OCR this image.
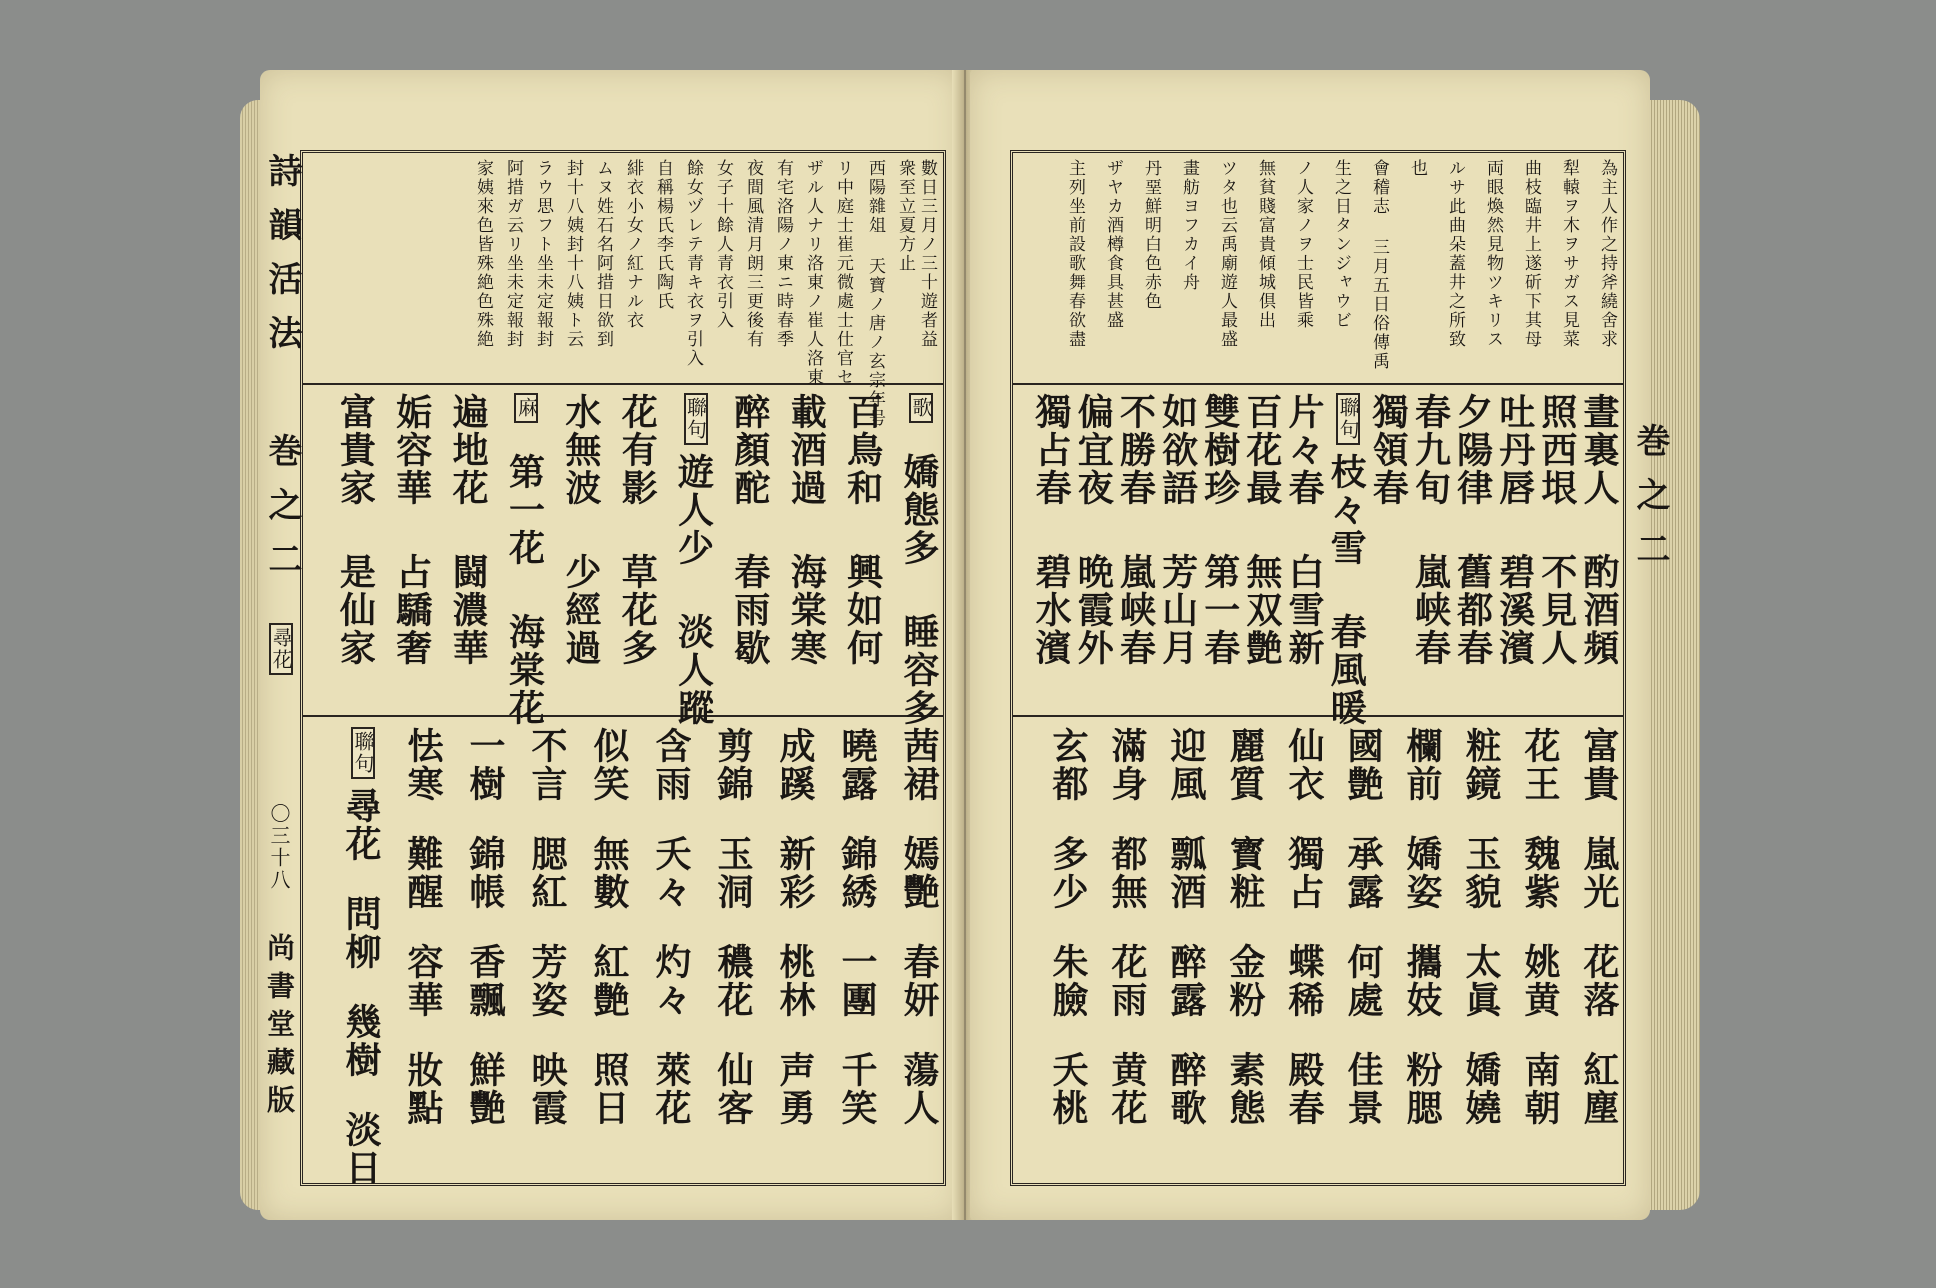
詩韻活法
巻之二
尋花
〇三十八
尚書堂藏版
數日三月ノ三十遊者益
衆至立夏方止
西陽雜俎 天寶ノ唐ノ玄宗年号
リ中庭士崔元微處士仕官セ
ザル人ナリ洛東ノ崔人洛東
有宅洛陽ノ東ニ時春季
夜間風清月朗三更後有
女子十餘人青衣引入
餘女ヅレテ青キ衣ヲ引入
自稱楊氏李氏陶氏
緋衣小女ノ紅ナル衣
ムヌ姓石名阿措日欲到
封十八姨封十八姨ト云
ラウ思フト坐未定報封
阿措ガ云リ坐未定報封
家姨來色皆殊絶色殊絶
歌
嬌態多
睡容多
百鳥和
興如何
載酒過
海棠寒
醉顏酡
春雨歇
聯句
遊人少
淡人蹤
花有影
草花多
水無波
少經過
麻
第一花
海棠花
遍地花
闘濃華
姤容華
占驕奢
富貴家
是仙家
茜裙
嫣艷
春妍
蕩人
曉露
錦綉
一團
千笑
成蹊
新彩
桃林
声勇
剪錦
玉洞
穠花
仙客
含雨
夭々
灼々
萊花
似笑
無數
紅艶
照日
不言
腮紅
芳姿
映霞
一樹
錦帳
香飄
鮮艷
怯寒
難醒
容華
妝點
聯句
尋花
問柳
幾樹
淡日
巻之二
為主人作之持斧繞舍求
犁轅ヲ木ヲサガス見菜
曲枝臨井上遂斫下其母
両眼煥然見物ツキリス
ルサ此曲朵蓋井之所致
也
會稽志 三月五日俗傳禹
生之日タンジャウビ
ノ人家ノヲ士民皆乘
無貧賤富貴傾城倶出
ツタ也云禹廟遊人最盛
畫舫ヨフカイ舟
丹堊鮮明白色赤色
ザヤカ酒樽食具甚盛
主列坐前設歌舞春欲盡
晝裏人
酌酒頻
照西垠
不見人
吐丹唇
碧溪濱
夕陽律
舊都春
春九旬
嵐峡春
獨領春
聯句
枝々雪
春風暖
片々春
白雪新
百花最
無双艶
雙樹珍
第一春
如欲語
芳山月
不勝春
嵐峡春
偏宜夜
晩霞外
獨占春
碧水濱
富貴
嵐光
花落
紅塵
花王
魏紫
姚黄
南朝
粧鏡
玉貌
太眞
嬌嬈
欄前
嬌姿
攜妓
粉腮
國艶
承露
何處
佳景
仙衣
獨占
蝶稀
殿春
麗質
寳粧
金粉
素態
迎風
瓢酒
醉露
醉歌
滿身
都無
花雨
黄花
玄都
多少
朱臉
夭桃
